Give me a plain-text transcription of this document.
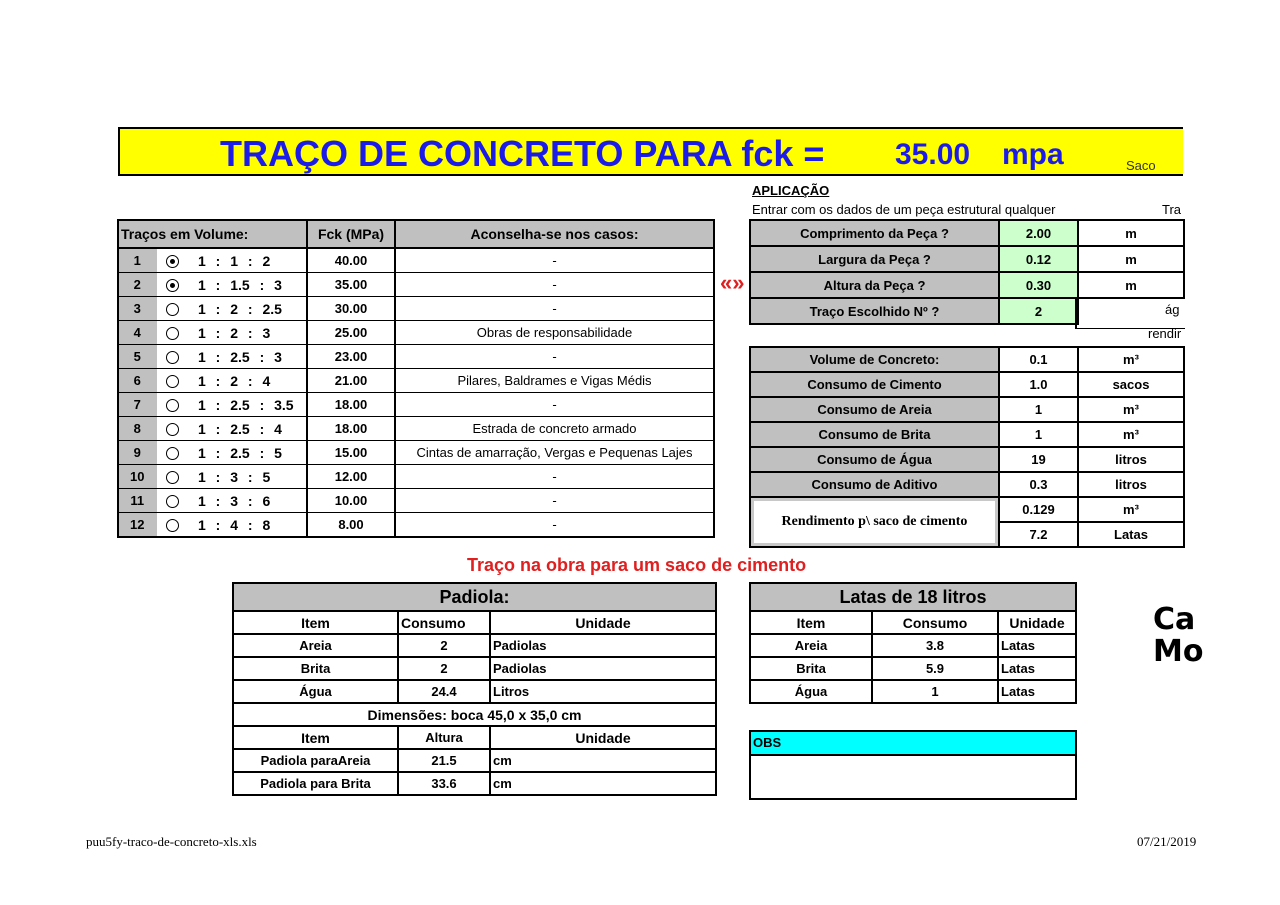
TRAÇO DE CONCRETO PARA fck = 35.00 mpa	Saco
APLICAÇÃO
Entrar com os dados de um peça estrutural qualquer	Tra
Traços em Volume:			Fck (MPa)	Aconselha-se nos casos:
1		1 : 1 : 2	40.00	-
2		1 : 1.5 : 3	35.00	-
3		1 : 2 : 2.5	30.00	-
4		1 : 2 : 3	25.00	Obras de responsabilidade
5		1 : 2.5 : 3	23.00	-
6		1 : 2 : 4	21.00	Pilares, Baldrames e Vigas Médis
7		1 : 2.5 : 3.5	18.00	-
8		1 : 2.5 : 4	18.00	Estrada de concreto armado
9		1 : 2.5 : 5	15.00	Cintas de amarração, Vergas e Pequenas Lajes
10		1 : 3 : 5	12.00	-
11		1 : 3 : 6	10.00	-
12		1 : 4 : 8	8.00	-
«»
Comprimento da Peça ?	2.00	m
Largura da Peça ?	0.12	m
Altura da Peça ?	0.30	m
Traço Escolhido Nº ?	2		ág
rendir
Volume de Concreto:	0.1	m³
Consumo de Cimento	1.0	sacos
Consumo de Areia	1	m³
Consumo de Brita	1	m³
Consumo de Água	19	litros
Consumo de Aditivo	0.3	litros
Rendimento p\ saco de cimento	0.129	m³
	7.2	Latas
Traço na obra para um saco de cimento
Padiola:		
Item	Consumo	Unidade
Areia	2	Padiolas
Brita	2	Padiolas
Água	24.4	Litros
Dimensões: boca 45,0 x 35,0 cm		
Item	Altura	Unidade
Padiola paraAreia	21.5	cm
Padiola para Brita	33.6	cm
Latas de 18 litros		
Item	Consumo	Unidade
Areia	3.8	Latas
Brita	5.9	Latas
Água	1	Latas
OBS
Ca
Mo
puu5fy-traco-de-concreto-xls.xls	07/21/2019
